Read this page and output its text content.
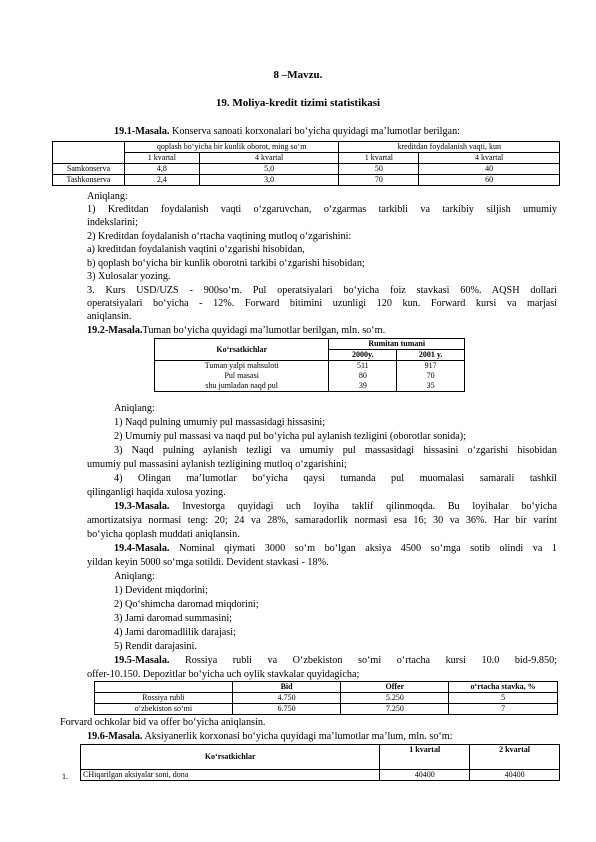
8 –Mavzu.
19. Moliya-kredit tizimi statistikasi
19.1-Masala. Konserva sanoati korxonalari bo‘yicha quyidagi ma’lumotlar berilgan:
	qoplash bo‘yicha bir kunlik oborot, ming so‘m		kreditdan foydalanish vaqti, kun	
	1 kvartal	4 kvartal	1 kvartal	4 kvartal
Samkonserva	4,8	5,0	50	40
Tashkonserva	2,4	3,0	70	60
Aniqlang:
1) Kreditdan foydalanish vaqti o‘zgaruvchan, o‘zgarmas tarkibli va tarkibiy siljish umumiy
indekslarini;
2) Kreditdan foydalanish o‘rtacha vaqtining mutloq o‘zgarishini:
a) kreditdan foydalanish vaqtini o‘zgarishi hisobidan,
b) qoplash bo‘yicha bir kunlik oborotni tarkibi o‘zgarishi hisobidan;
3) Xulosalar yozing.
3. Kurs USD/UZS - 900so‘m. Pul operatsiyalari bo‘yicha foiz stavkasi 60%. AQSH dollari
operatsiyalari bo‘yicha - 12%. Forward bitimini uzunligi 120 kun. Forward kursi va marjasi
aniqlansin.
19.2-Masala.Tuman bo‘yicha quyidagi ma’lumotlar berilgan, mln. so‘m.
Ko‘rsatkichlar	Rumitan tumani	
	2000y.	2001 y.
Tuman yalpi mahsuloti	511	917
Pul masasi	80	70
shu jumladan naqd pul	39	35
Aniqlang:
1) Naqd pulning umumiy pul massasidagi hissasini;
2) Umumiy pul massasi va naqd pul bo‘yicha pul aylanish tezligini (oborotlar sonida);
3) Naqd pulning aylanish tezligi va umumiy pul massasidagi hissasini o‘zgarishi hisobidan
umumiy pul massasini aylanish tezligining mutloq o‘zgarishini;
4) Olingan ma’lumotlar bo‘yicha qaysi tumanda pul muomalasi samarali tashkil
qilinganligi haqida xulosa yozing.
19.3-Masala. Investorga quyidagi uch loyiha taklif qilinmoqda. Bu loyihalar bo‘yicha
amortizatsiya normasi teng: 20; 24 va 28%, samaradorlik normasi esa 16; 30 va 36%. Har bir varint
bo‘yicha qoplash muddati aniqlansin.
19.4-Masala. Nominal qiymati 3000 so‘m bo‘lgan aksiya 4500 so‘mga sotib olindi va 1
yildan keyin 5000 so‘mga sotildi. Devident stavkasi - 18%.
Aniqlang:
1) Devident miqdorini;
2) Qo‘shimcha daromad miqdorini;
3) Jami daromad summasini;
4) Jami daromadlilik darajasi;
5) Rendit darajasini.
19.5-Masala. Rossiya rubli va O‘zbekiston so‘mi o‘rtacha kursi 10.0 bid-9.850;
offer-10.150. Depozitlar bo‘yicha uch oylik stavkalar quyidagicha;
	Bid	Offer	o‘rtacha stavka, %
Rossiya rubli	4.750	5.250	5
o‘zbekiston so‘mi	6.750	7.250	7
Forvard ochkolar bid va offer bo‘yicha aniqlansin.
19.6-Masala. Aksiyanerlik korxonasi bo‘yicha quyidagi ma’lumotlar ma’lum, mln. so‘m:
Ko‘rsatkichlar	1 kvartal	2 kvartal
CHiqarilgan aksiyalar soni, dona	40400	40400
1.
